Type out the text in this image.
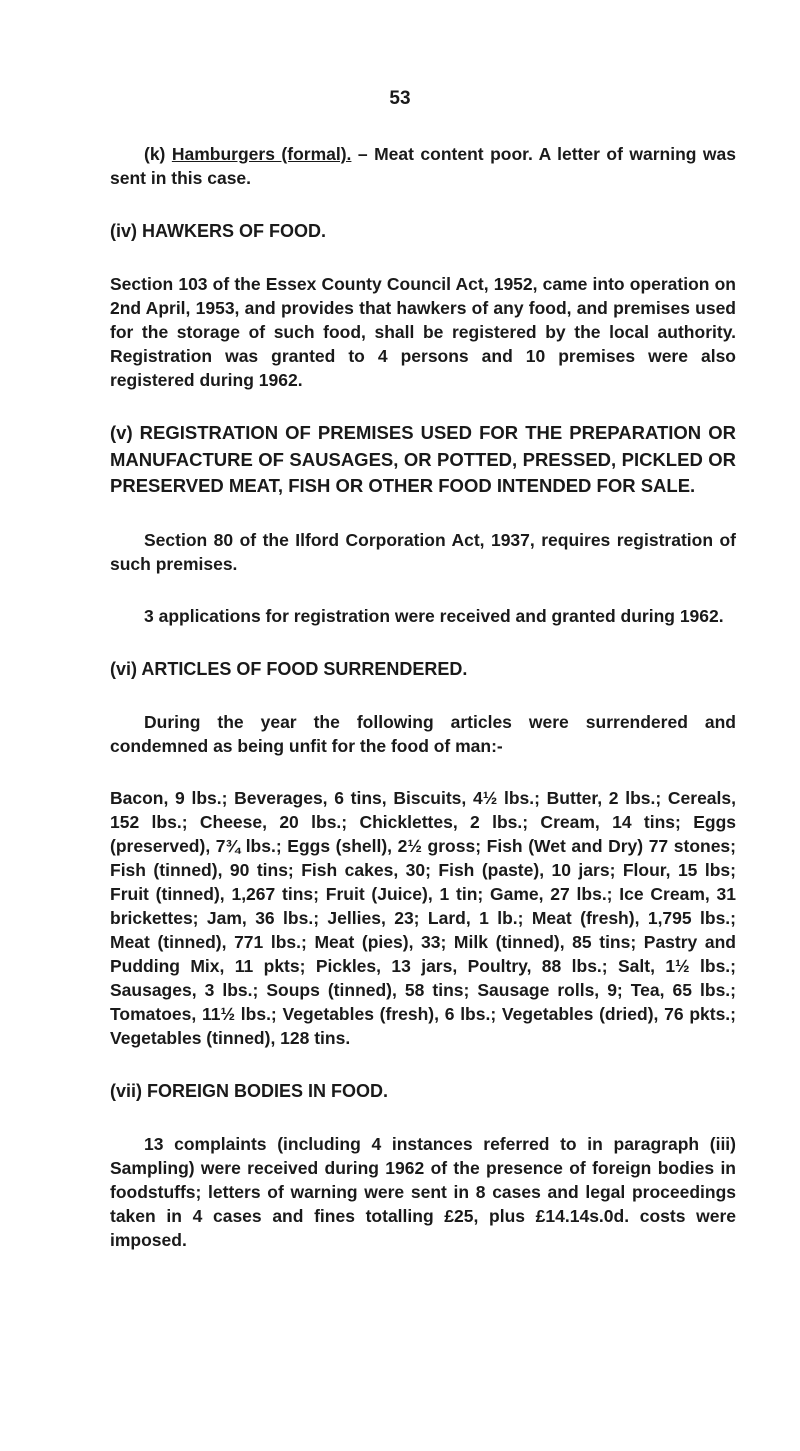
53

(k) Hamburgers (formal). – Meat content poor. A letter of warning was sent in this case.

(iv) HAWKERS OF FOOD.

Section 103 of the Essex County Council Act, 1952, came into operation on 2nd April, 1953, and provides that hawkers of any food, and premises used for the storage of such food, shall be registered by the local authority. Registration was granted to 4 persons and 10 premises were also registered during 1962.

(v) REGISTRATION OF PREMISES USED FOR THE PREPARATION OR MANUFACTURE OF SAUSAGES, OR POTTED, PRESSED, PICKLED OR PRESERVED MEAT, FISH OR OTHER FOOD INTENDED FOR SALE.

Section 80 of the Ilford Corporation Act, 1937, requires registration of such premises.

3 applications for registration were received and granted during 1962.

(vi) ARTICLES OF FOOD SURRENDERED.

During the year the following articles were surrendered and condemned as being unfit for the food of man:-

Bacon, 9 lbs.; Beverages, 6 tins, Biscuits, 4½ lbs.; Butter, 2 lbs.; Cereals, 152 lbs.; Cheese, 20 lbs.; Chicklettes, 2 lbs.; Cream, 14 tins; Eggs (preserved), 7¾ lbs.; Eggs (shell), 2½ gross; Fish (Wet and Dry) 77 stones; Fish (tinned), 90 tins; Fish cakes, 30; Fish (paste), 10 jars; Flour, 15 lbs; Fruit (tinned), 1,267 tins; Fruit (Juice), 1 tin; Game, 27 lbs.; Ice Cream, 31 brickettes; Jam, 36 lbs.; Jellies, 23; Lard, 1 lb.; Meat (fresh), 1,795 lbs.; Meat (tinned), 771 lbs.; Meat (pies), 33; Milk (tinned), 85 tins; Pastry and Pudding Mix, 11 pkts; Pickles, 13 jars, Poultry, 88 lbs.; Salt, 1½ lbs.; Sausages, 3 lbs.; Soups (tinned), 58 tins; Sausage rolls, 9; Tea, 65 lbs.; Tomatoes, 11½ lbs.; Vegetables (fresh), 6 lbs.; Vegetables (dried), 76 pkts.; Vegetables (tinned), 128 tins.

(vii) FOREIGN BODIES IN FOOD.

13 complaints (including 4 instances referred to in paragraph (iii) Sampling) were received during 1962 of the presence of foreign bodies in foodstuffs; letters of warning were sent in 8 cases and legal proceedings taken in 4 cases and fines totalling £25, plus £14.14s.0d. costs were imposed.
